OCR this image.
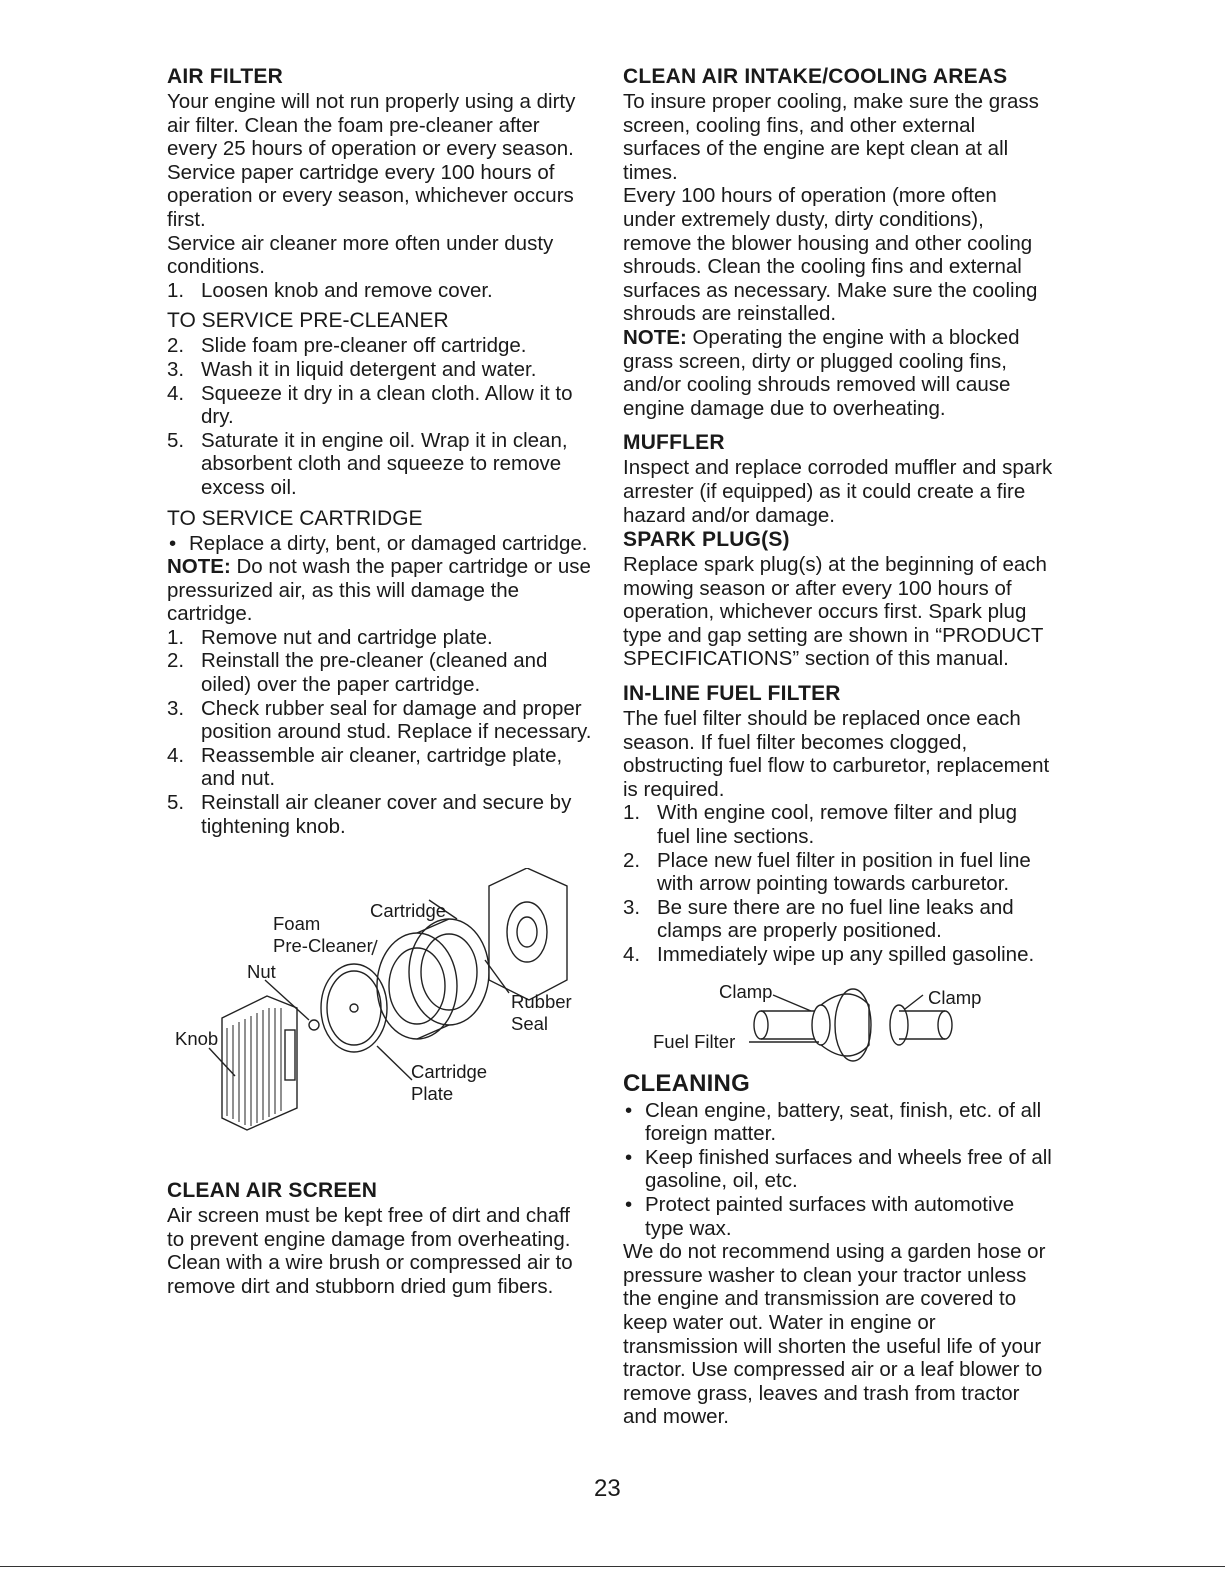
AIR FILTER

Your engine will not run properly using a dirty air filter. Clean the foam pre-cleaner after every 25 hours of operation or every season. Service paper cartridge every 100 hours of operation or every season, whichever occurs first.

Service air cleaner more often under dusty conditions.

1. Loosen knob and remove cover.
TO SERVICE PRE-CLEANER
2. Slide foam pre-cleaner off cartridge.
3. Wash it in liquid detergent and water.
4. Squeeze it dry in a clean cloth. Allow it to dry.
5. Saturate it in engine oil. Wrap it in clean, absorbent cloth and squeeze to remove excess oil.
TO SERVICE CARTRIDGE
• Replace a dirty, bent, or damaged cartridge.

NOTE: Do not wash the paper cartridge or use pressurized air, as this will damage the cartridge.

1. Remove nut and cartridge plate.
2. Reinstall the pre-cleaner (cleaned and oiled) over the paper cartridge.
3. Check rubber seal for damage and proper position around stud. Replace if necessary.
4. Reassemble air cleaner, cartridge plate, and nut.
5. Reinstall air cleaner cover and secure by tightening knob.
Foam
Pre-Cleaner
Cartridge
Nut
Knob
Rubber
Seal
Cartridge
Plate
CLEAN AIR SCREEN

Air screen must be kept free of dirt and chaff to prevent engine damage from overheating. Clean with a wire brush or compressed air to remove dirt and stubborn dried gum fibers.

CLEAN AIR INTAKE/COOLING AREAS

To insure proper cooling, make sure the grass screen, cooling fins, and other external surfaces of the engine are kept clean at all times.

Every 100 hours of operation (more often under extremely dusty, dirty conditions), remove the blower housing and other cooling shrouds. Clean the cooling fins and external surfaces as necessary. Make sure the cooling shrouds are reinstalled.

NOTE: Operating the engine with a blocked grass screen, dirty or plugged cooling fins, and/or cooling shrouds removed will cause engine damage due to overheating.

MUFFLER

Inspect and replace corroded muffler and spark arrester (if equipped) as it could create a fire hazard and/or damage.

SPARK PLUG(S)

Replace spark plug(s) at the beginning of each mowing season or after every 100 hours of operation, whichever occurs first. Spark plug type and gap setting are shown in “PRODUCT SPECIFICATIONS” section of this manual.

IN-LINE FUEL FILTER

The fuel filter should be replaced once each season. If fuel filter becomes clogged, obstructing fuel flow to carburetor, replacement is required.

1. With engine cool, remove filter and plug fuel line sections.
2. Place new fuel filter in position in fuel line with arrow pointing towards carburetor.
3. Be sure there are no fuel line leaks and clamps are properly positioned.
4. Immediately wipe up any spilled gasoline.
Clamp	Clamp
Fuel Filter
CLEANING
• Clean engine, battery, seat, finish, etc. of all foreign matter.
• Keep finished surfaces and wheels free of all gasoline, oil, etc.
• Protect painted surfaces with automotive type wax.

We do not recommend using a garden hose or pressure washer to clean your tractor unless the engine and transmission are covered to keep water out. Water in engine or transmission will shorten the useful life of your tractor. Use compressed air or a leaf blower to remove grass, leaves and trash from tractor and mower.

23
